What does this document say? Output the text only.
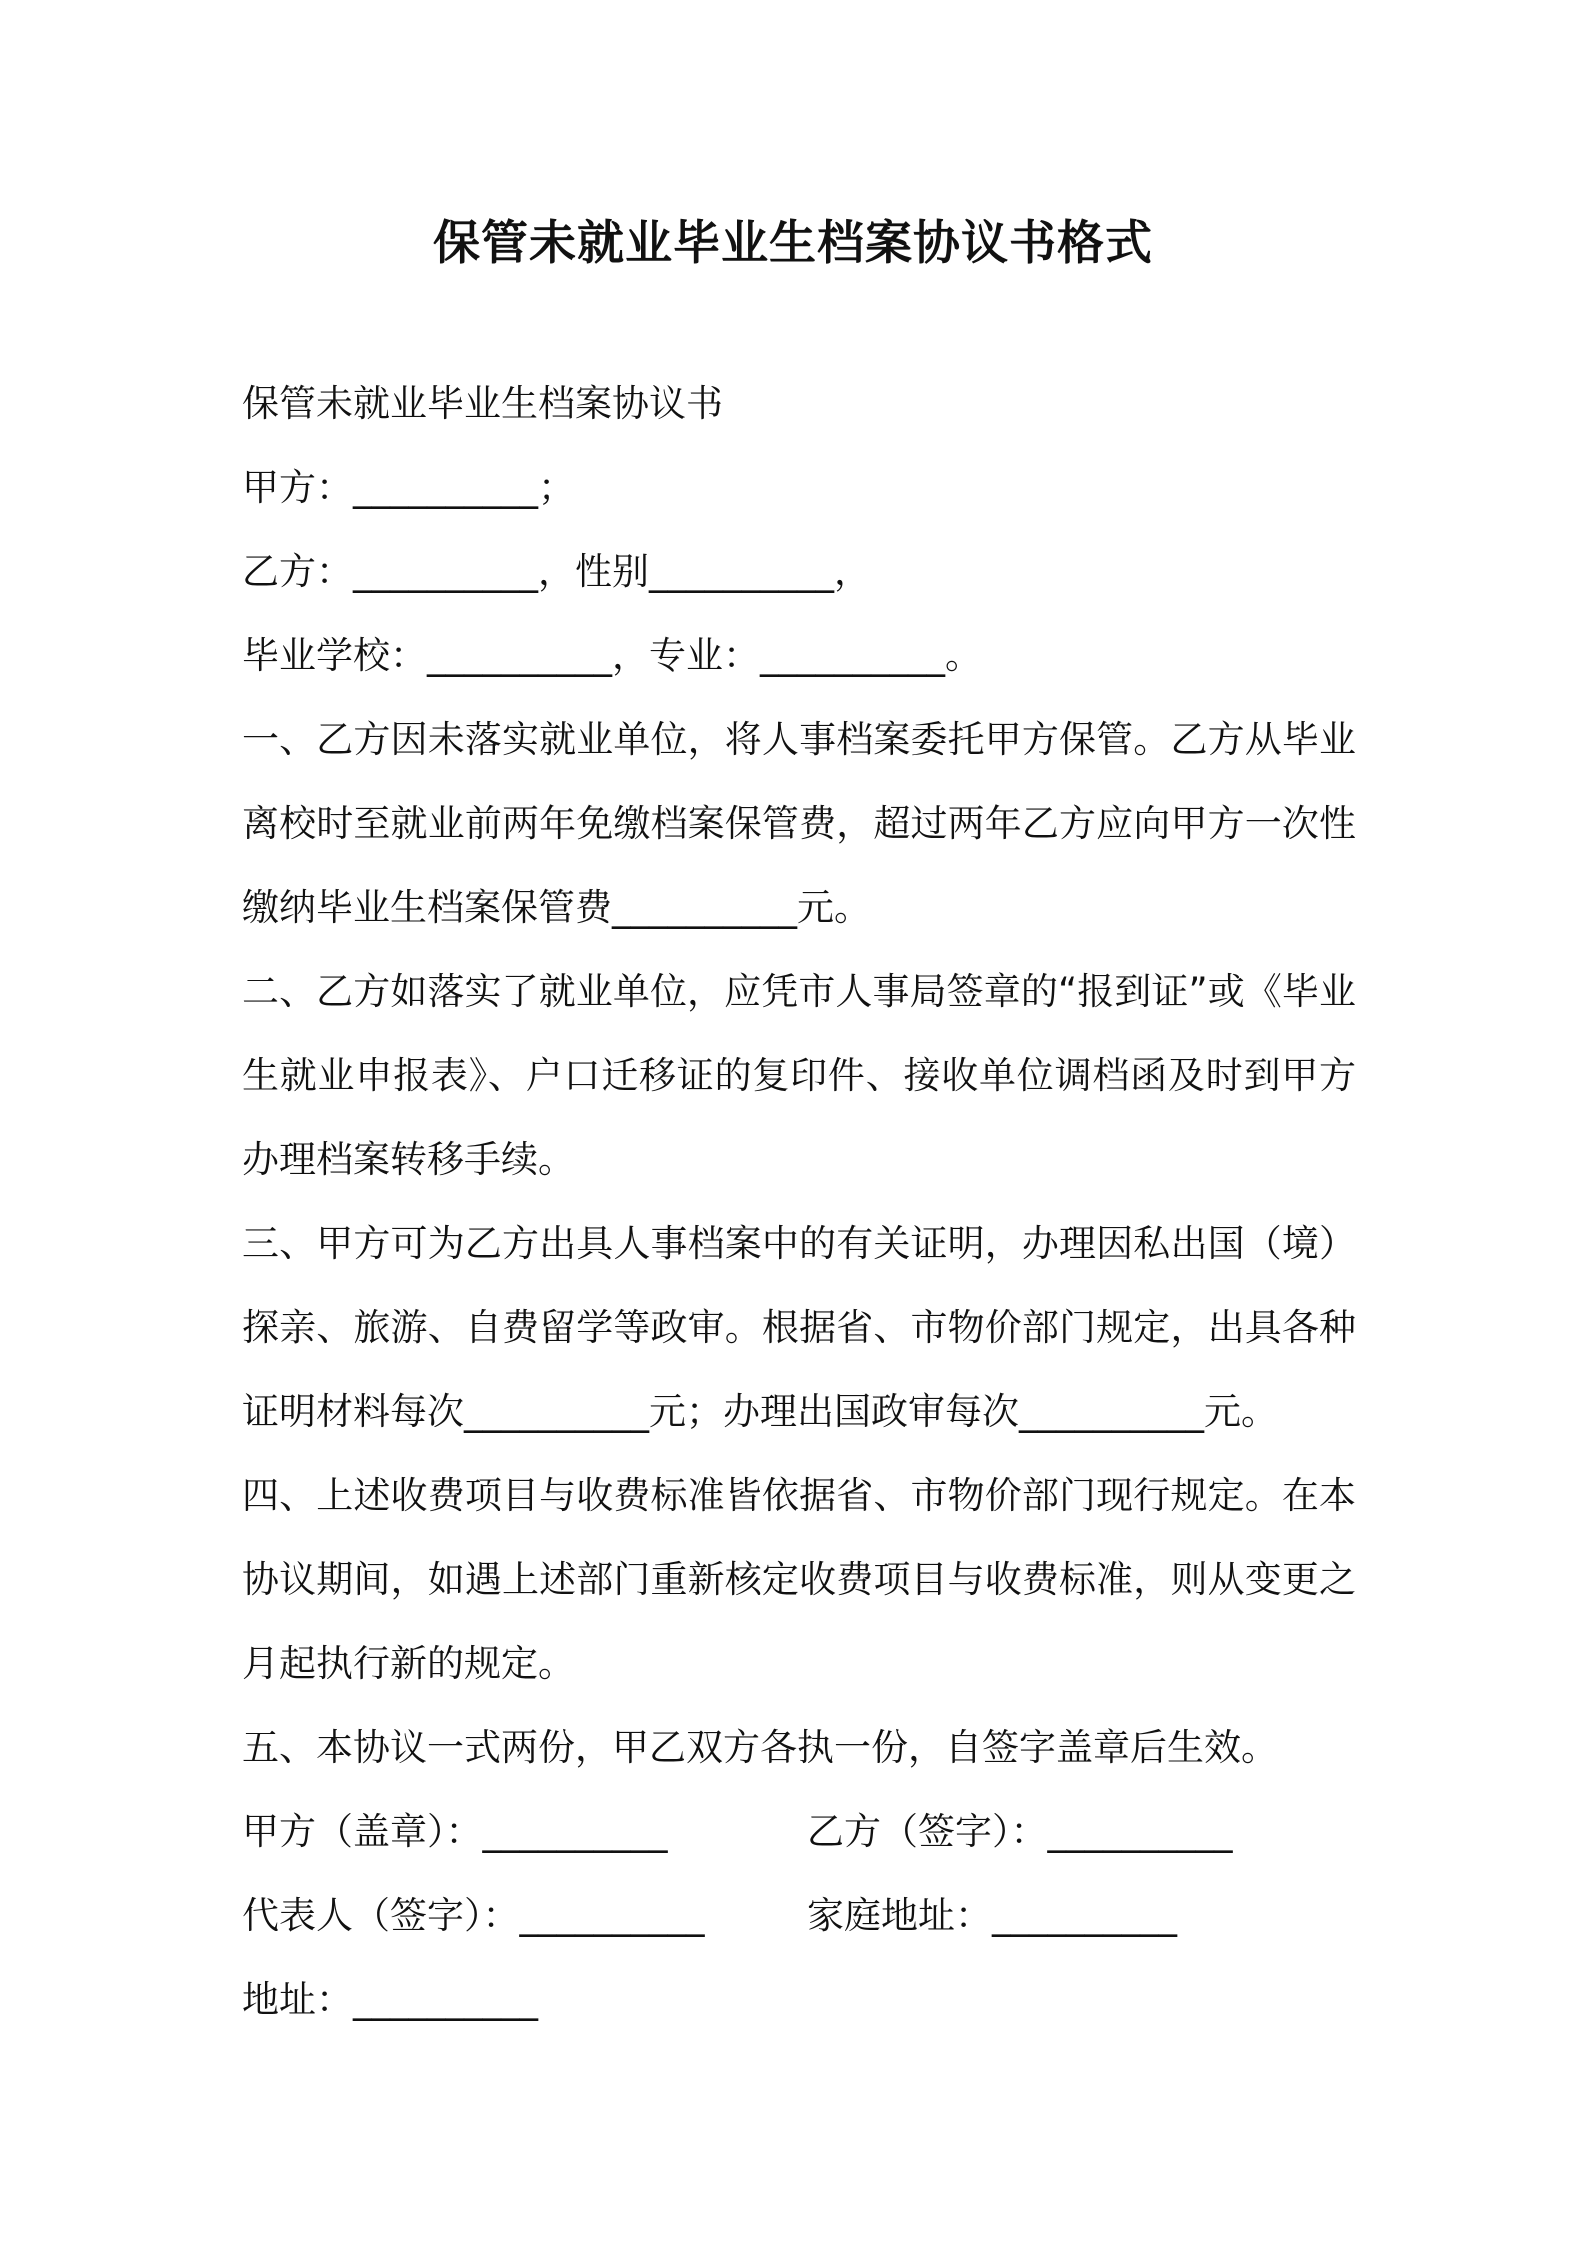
保管未就业毕业生档案协议书格式
保管未就业毕业生档案协议书
甲方：__________；
乙方：__________，性别__________，
毕业学校：__________，专业：__________。
一、乙方因未落实就业单位，将人事档案委托甲方保管。乙方从毕业离校时至就业前两年免缴档案保管费，超过两年乙方应向甲方一次性缴纳毕业生档案保管费__________元。
二、乙方如落实了就业单位，应凭市人事局签章的“报到证”或《毕业生就业申报表》、户口迁移证的复印件、接收单位调档函及时到甲方办理档案转移手续。
三、甲方可为乙方出具人事档案中的有关证明，办理因私出国（境）探亲、旅游、自费留学等政审。根据省、市物价部门规定，出具各种证明材料每次__________元；办理出国政审每次__________元。
四、上述收费项目与收费标准皆依据省、市物价部门现行规定。在本协议期间，如遇上述部门重新核定收费项目与收费标准，则从变更之月起执行新的规定。
五、本协议一式两份，甲乙双方各执一份，自签字盖章后生效。
甲方（盖章）：__________	乙方（签字）：__________
代表人（签字）：__________	家庭地址：__________
地址：__________
